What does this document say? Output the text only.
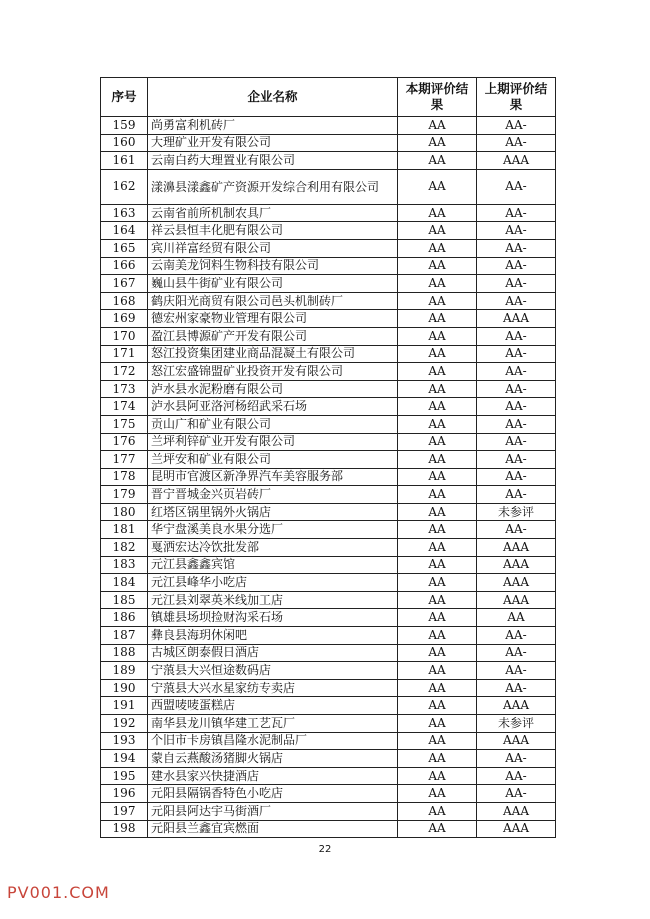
序号	企业名称	本期评价结果	上期评价结果
159	尚勇富利机砖厂	AA	AA-
160	大理矿业开发有限公司	AA	AA-
161	云南白药大理置业有限公司	AA	AAA
162	漾濞县漾鑫矿产资源开发综合利用有限公司	AA	AA-
163	云南省前所机制农具厂	AA	AA-
164	祥云县恒丰化肥有限公司	AA	AA-
165	宾川祥富经贸有限公司	AA	AA-
166	云南美龙饲料生物科技有限公司	AA	AA-
167	巍山县牛街矿业有限公司	AA	AA-
168	鹤庆阳光商贸有限公司邑头机制砖厂	AA	AA-
169	德宏州家豪物业管理有限公司	AA	AAA
170	盈江县博源矿产开发有限公司	AA	AA-
171	怒江投资集团建业商品混凝土有限公司	AA	AA-
172	怒江宏盛锦盟矿业投资开发有限公司	AA	AA-
173	泸水县水泥粉磨有限公司	AA	AA-
174	泸水县阿亚洛河杨绍武采石场	AA	AA-
175	贡山广和矿业有限公司	AA	AA-
176	兰坪利锌矿业开发有限公司	AA	AA-
177	兰坪安和矿业有限公司	AA	AA-
178	昆明市官渡区新净界汽车美容服务部	AA	AA-
179	晋宁晋城金兴页岩砖厂	AA	AA-
180	红塔区锅里锅外火锅店	AA	未参评
181	华宁盘溪美良水果分选厂	AA	AA-
182	戛洒宏达冷饮批发部	AA	AAA
183	元江县鑫鑫宾馆	AA	AAA
184	元江县峰华小吃店	AA	AAA
185	元江县刘翠英米线加工店	AA	AAA
186	镇雄县场坝捡财沟采石场	AA	AA
187	彝良县海玥休闲吧	AA	AA-
188	古城区朗泰假日酒店	AA	AA-
189	宁蒗县大兴恒途数码店	AA	AA-
190	宁蒗县大兴水星家纺专卖店	AA	AA-
191	西盟唛唛蛋糕店	AA	AAA
192	南华县龙川镇华建工艺瓦厂	AA	未参评
193	个旧市卡房镇昌隆水泥制品厂	AA	AAA
194	蒙自云燕酸汤猪脚火锅店	AA	AA-
195	建水县家兴快捷酒店	AA	AA-
196	元阳县隔锅香特色小吃店	AA	AA-
197	元阳县阿达宇马街酒厂	AA	AAA
198	元阳县兰鑫宜宾燃面	AA	AAA
22
PV001.COM
